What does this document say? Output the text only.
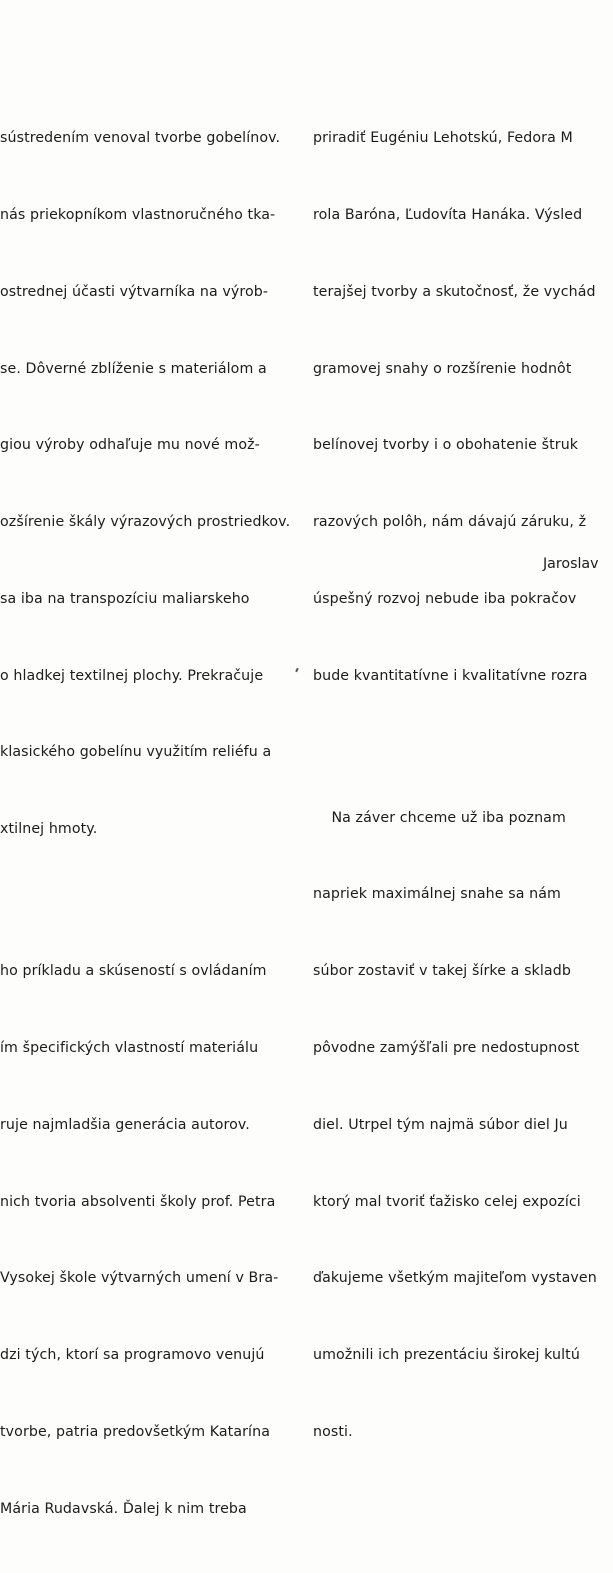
sústredením venoval tvorbe gobelínov.

nás priekopníkom vlastnoručného tka-

ostrednej účasti výtvarníka na výrob-

se. Dôverné zblíženie s materiálom a

giou výroby odhaľuje mu nové mož-

ozšírenie škály výrazových prostriedkov.

sa iba na transpozíciu maliarskeho

o hladkej textilnej plochy. Prekračuje

klasického gobelínu využitím reliéfu a

xtilnej hmoty.

ho príkladu a skúseností s ovládaním

ím špecifických vlastností materiálu

ruje najmladšia generácia autorov.

nich tvoria absolventi školy prof. Petra

Vysokej škole výtvarných umení v Bra-

dzi tých, ktorí sa programovo venujú

tvorbe, patria predovšetkým Katarína

Mária Rudavská. Ďalej k nim treba

priradiť Eugéniu Lehotskú, Fedora M

rola Baróna, Ľudovíta Hanáka. Výsled

terajšej tvorby a skutočnosť, že vychád

gramovej snahy o rozšírenie hodnôt

belínovej tvorby i o obohatenie štruk

razových polôh, nám dávajú záruku, ž

úspešný rozvoj nebude iba pokračov

bude kvantitatívne i kvalitatívne rozra

Na záver chceme už iba poznam

napriek maximálnej snahe sa nám

súbor zostaviť v takej šírke a skladb

pôvodne zamýšľali pre nedostupnost

diel. Utrpel tým najmä súbor diel Ju

ktorý mal tvoriť ťažisko celej expozíci

ďakujeme všetkým majiteľom vystaven

umožnili ich prezentáciu širokej kultú

nosti.

Jaroslav
